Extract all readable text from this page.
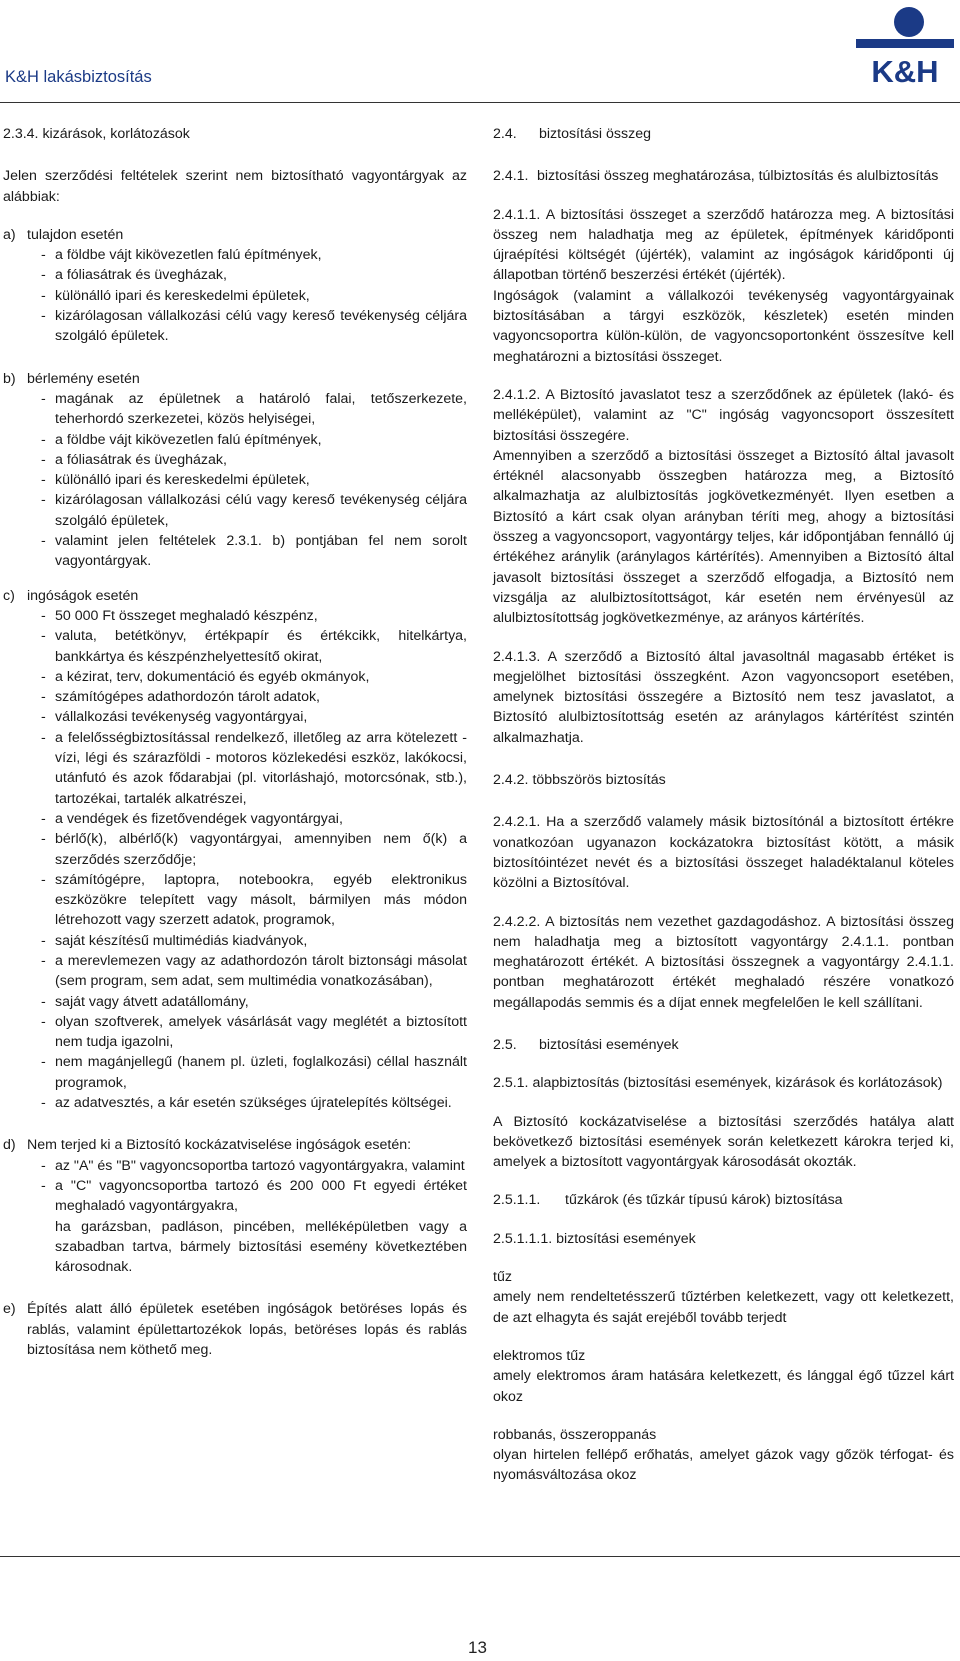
K&H lakásbiztosítás	K&H

2.3.4. kizárások, korlátozások

Jelen szerződési feltételek szerint nem biztosítható vagyontárgyak az alábbiak:

a) tulajdon esetén
- a földbe vájt kikövezetlen falú építmények,
- a fóliasátrak és üvegházak,
- különálló ipari és kereskedelmi épületek,
- kizárólagosan vállalkozási célú vagy kereső tevékenység céljára szolgáló épületek.
b) bérlemény esetén
- magának az épületnek a határoló falai, tetőszerkezete, teherhordó szerkezetei, közös helyiségei,
- a földbe vájt kikövezetlen falú építmények,
- a fóliasátrak és üvegházak,
- különálló ipari és kereskedelmi épületek,
- kizárólagosan vállalkozási célú vagy kereső tevékenység céljára szolgáló épületek,
- valamint jelen feltételek 2.3.1. b) pontjában fel nem sorolt vagyontárgyak.
c) ingóságok esetén
- 50 000 Ft összeget meghaladó készpénz,
- valuta, betétkönyv, értékpapír és értékcikk, hitelkártya, bankkártya és készpénzhelyettesítő okirat,
- a kézirat, terv, dokumentáció és egyéb okmányok,
- számítógépes adathordozón tárolt adatok,
- vállalkozási tevékenység vagyontárgyai,
- a felelősségbiztosítással rendelkező, illetőleg az arra kötelezett - vízi, légi és szárazföldi - motoros közlekedési eszköz, lakókocsi, utánfutó és azok fődarabjai (pl. vitorláshajó, motorcsónak, stb.), tartozékai, tartalék alkatrészei,
- a vendégek és fizetővendégek vagyontárgyai,
- bérlő(k), albérlő(k) vagyontárgyai, amennyiben nem ő(k) a szerződés szerződője;
- számítógépre, laptopra, notebookra, egyéb elektronikus eszközökre telepített vagy másolt, bármilyen más módon létrehozott vagy szerzett adatok, programok,
- saját készítésű multimédiás kiadványok,
- a merevlemezen vagy az adathordozón tárolt biztonsági másolat (sem program, sem adat, sem multimédia vonatkozásában),
- saját vagy átvett adatállomány,
- olyan szoftverek, amelyek vásárlását vagy meglétét a biztosított nem tudja igazolni,
- nem magánjellegű (hanem pl. üzleti, foglalkozási) céllal használt programok,
- az adatvesztés, a kár esetén szükséges újratelepítés költségei.
d) Nem terjed ki a Biztosító kockázatviselése ingóságok esetén:
- az "A" és "B" vagyoncsoportba tartozó vagyontárgyakra, valamint
- a "C" vagyoncsoportba tartozó és 200 000 Ft egyedi értéket meghaladó vagyontárgyakra,

ha garázsban, padláson, pincében, melléképületben vagy a szabadban tartva, bármely biztosítási esemény következtében károsodnak.

e) Építés alatt álló épületek esetében ingóságok betöréses lopás és rablás, valamint épülettartozékok lopás, betöréses lopás és rablás biztosítása nem köthető meg.
2.4.	biztosítási összeg
2.4.1. biztosítási összeg meghatározása, túlbiztosítás és alulbiztosítás

2.4.1.1. A biztosítási összeget a szerződő határozza meg. A biztosítási összeg nem haladhatja meg az épületek, építmények káridőponti újraépítési költségét (újérték), valamint az ingóságok káridőponti új állapotban történő beszerzési értékét (újérték).

Ingóságok (valamint a vállalkozói tevékenység vagyontárgyainak biztosításában a tárgyi eszközök, készletek) esetén minden vagyoncsoportra külön-külön, de vagyoncsoportonként összesítve kell meghatározni a biztosítási összeget.

2.4.1.2. A Biztosító javaslatot tesz a szerződőnek az épületek (lakó- és melléképület), valamint az "C" ingóság vagyoncsoport összesített biztosítási összegére.

Amennyiben a szerződő a biztosítási összeget a Biztosító által javasolt értéknél alacsonyabb összegben határozza meg, a Biztosító alkalmazhatja az alulbiztosítás jogkövetkezményét. Ilyen esetben a Biztosító a kárt csak olyan arányban téríti meg, ahogy a biztosítási összeg a vagyoncsoport, vagyontárgy teljes, kár időpontjában fennálló új értékéhez aránylik (aránylagos kártérítés). Amennyiben a Biztosító által javasolt biztosítási összeget a szerződő elfogadja, a Biztosító nem vizsgálja az alulbiztosítottságot, kár esetén nem érvényesül az alulbiztosítottság jogkövetkezménye, az arányos kártérítés.

2.4.1.3. A szerződő a Biztosító által javasoltnál magasabb értéket is megjelölhet biztosítási összegként. Azon vagyoncsoport esetében, amelynek biztosítási összegére a Biztosító nem tesz javaslatot, a Biztosító alulbiztosítottság esetén az aránylagos kártérítést szintén alkalmazhatja.

2.4.2. többszörös biztosítás

2.4.2.1. Ha a szerződő valamely másik biztosítónál a biztosított értékre vonatkozóan ugyanazon kockázatokra biztosítást kötött, a másik biztosítóintézet nevét és a biztosítási összeget haladéktalanul köteles közölni a Biztosítóval.

2.4.2.2. A biztosítás nem vezethet gazdagodáshoz. A biztosítási összeg nem haladhatja meg a biztosított vagyontárgy 2.4.1.1. pontban meghatározott értékét. A biztosítási összegnek a vagyontárgy 2.4.1.1. pontban meghatározott értékét meghaladó részére vonatkozó megállapodás semmis és a díjat ennek megfelelően le kell szállítani.

2.5.	biztosítási események

2.5.1. alapbiztosítás (biztosítási események, kizárások és korlátozások)

A Biztosító kockázatviselése a biztosítási szerződés hatálya alatt bekövetkező biztosítási események során keletkezett károkra terjed ki, amelyek a biztosított vagyontárgyak károsodását okozták.

2.5.1.1.	tűzkárok (és tűzkár típusú károk) biztosítása

2.5.1.1.1. biztosítási események

tűz

amely nem rendeltetésszerű tűztérben keletkezett, vagy ott keletkezett, de azt elhagyta és saját erejéből tovább terjedt

elektromos tűz

amely elektromos áram hatására keletkezett, és lánggal égő tűzzel kárt okoz

robbanás, összeroppanás

olyan hirtelen fellépő erőhatás, amelyet gázok vagy gőzök térfogat- és nyomásváltozása okoz

13
